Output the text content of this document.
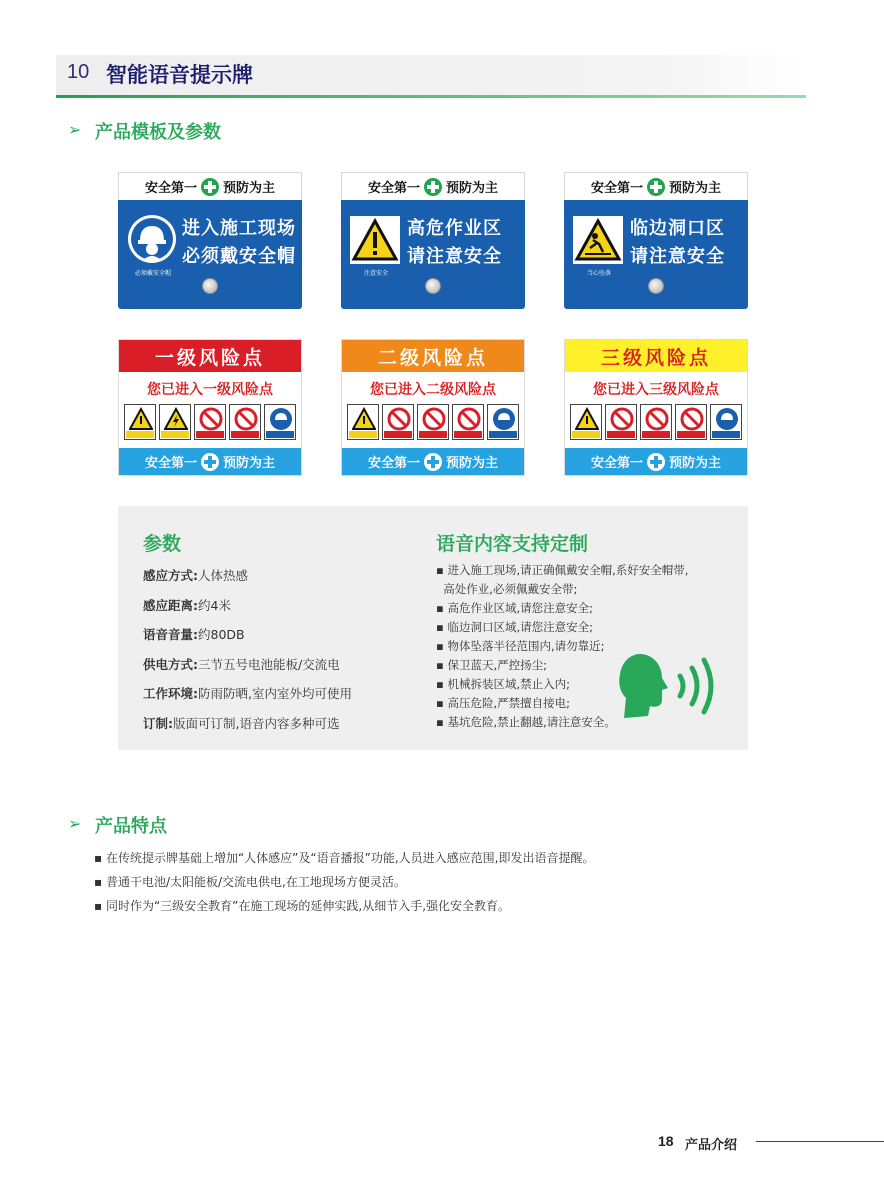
10 智能语音提示牌
➢ 产品模板及参数
安全第一 预防为主
必须戴安全帽
进入施工现场
必须戴安全帽
安全第一 预防为主
注意安全
高危作业区
请注意安全
安全第一 预防为主
当心坠落
临边洞口区
请注意安全
一级风险点
您已进入一级风险点
安全第一 预防为主
二级风险点
您已进入二级风险点
安全第一 预防为主
三级风险点
您已进入三级风险点
安全第一 预防为主
参数
感应方式:人体热感
感应距离:约4米
语音音量:约80DB
供电方式:三节五号电池能板/交流电
工作环境:防雨防晒,室内室外均可使用
订制:版面可订制,语音内容多种可选
语音内容支持定制
▪ 进入施工现场,请正确佩戴安全帽,系好安全帽带,
高处作业,必须佩戴安全带;
▪ 高危作业区域,请您注意安全;
▪ 临边洞口区域,请您注意安全;
▪ 物体坠落半径范围内,请勿靠近;
▪ 保卫蓝天,严控扬尘;
▪ 机械拆装区域,禁止入内;
▪ 高压危险,严禁擅自接电;
▪ 基坑危险,禁止翻越,请注意安全。
➢ 产品特点
▪ 在传统提示牌基础上增加“人体感应”及“语音播报”功能,人员进入感应范围,即发出语音提醒。
▪ 普通干电池/太阳能板/交流电供电,在工地现场方便灵活。
▪ 同时作为“三级安全教育”在施工现场的延伸实践,从细节入手,强化安全教育。
18 产品介绍
